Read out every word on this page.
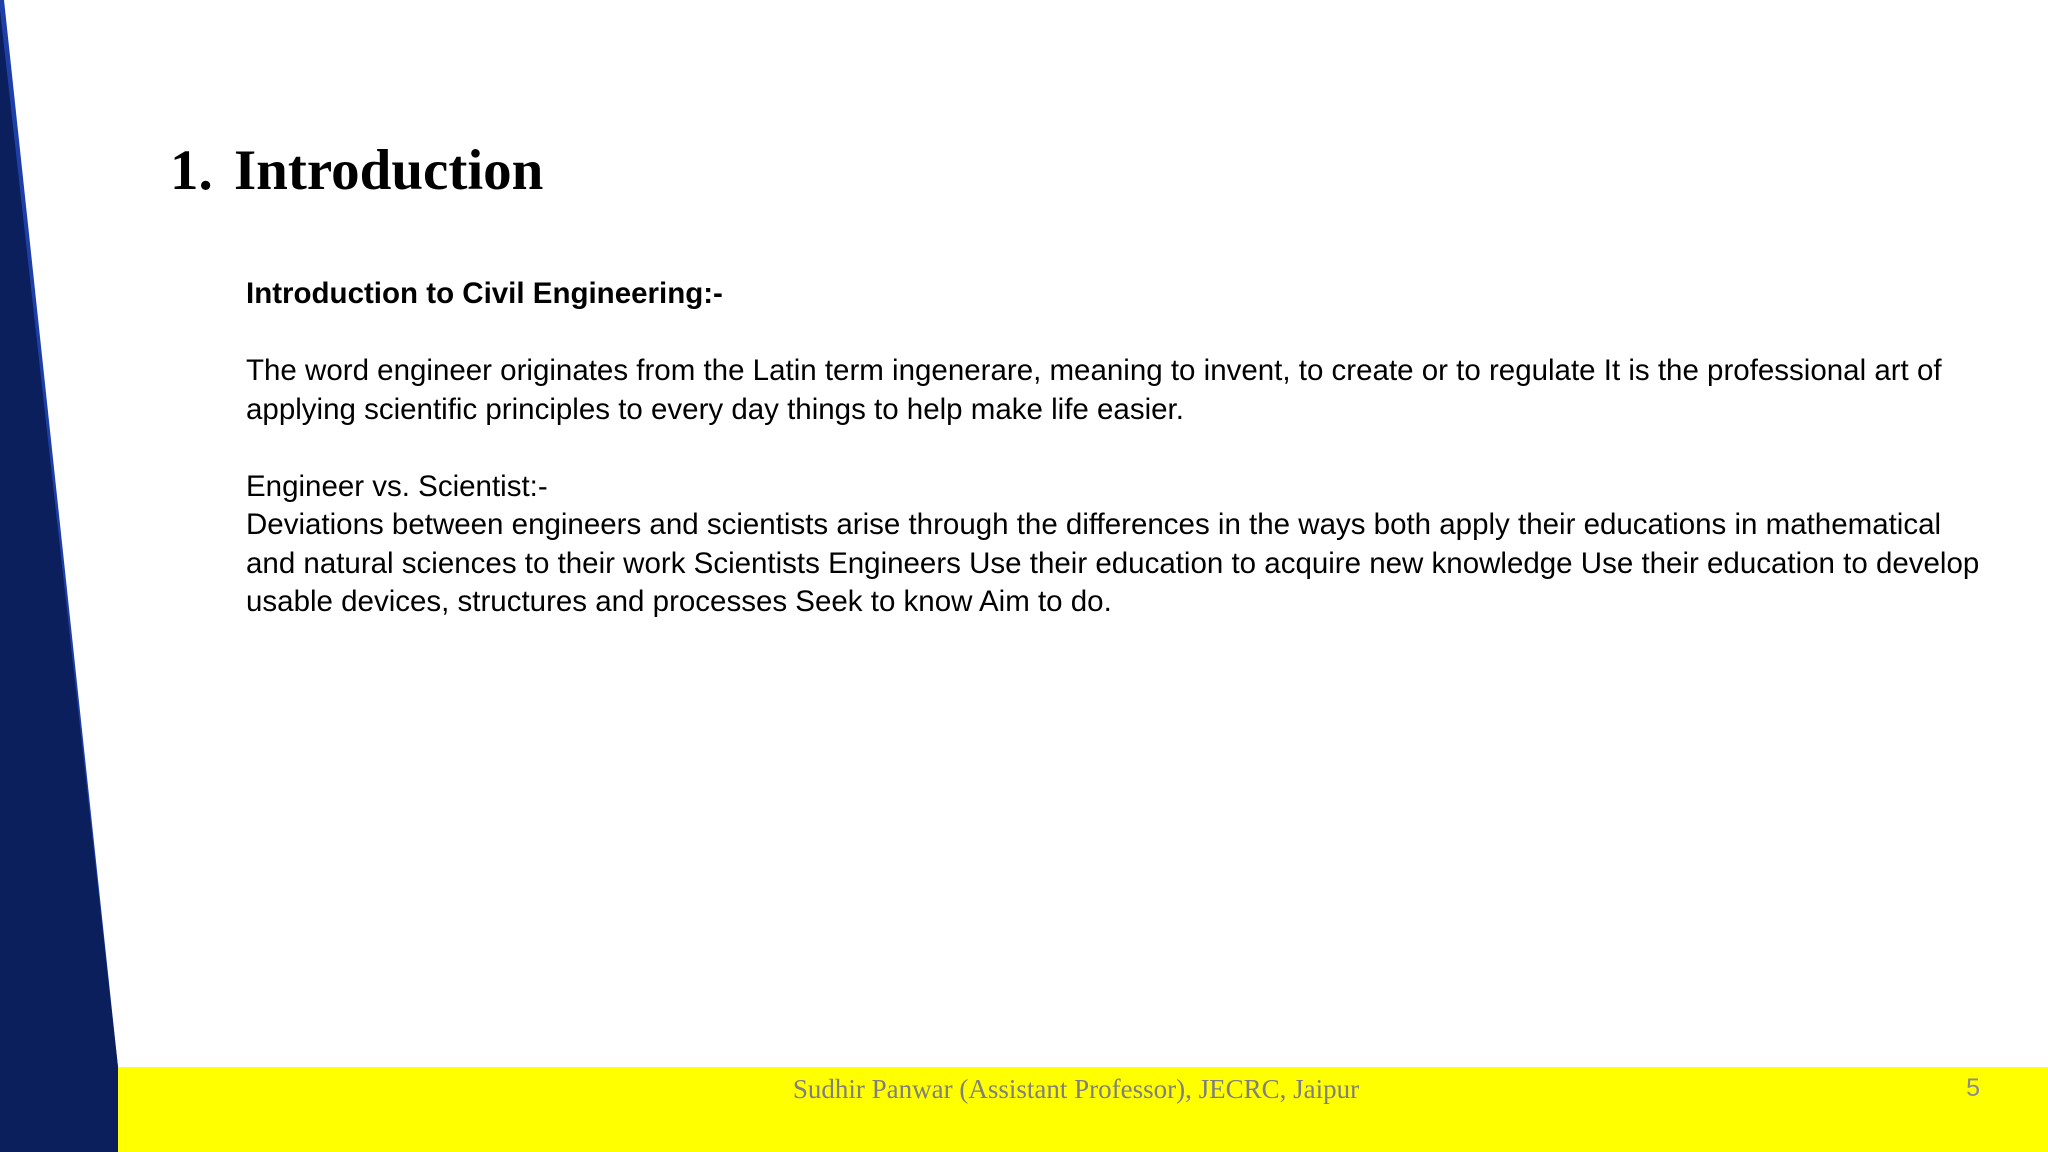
Sudhir Panwar (Assistant Professor), JECRC, Jaipur	5
1. Introduction

Introduction to Civil Engineering:-

The word engineer originates from the Latin term ingenerare, meaning to invent, to create or to regulate It is the professional art of applying scientific principles to every day things to help make life easier.

Engineer vs. Scientist:-

Deviations between engineers and scientists arise through the differences in the ways both apply their educations in mathematical and natural sciences to their work Scientists Engineers Use their education to acquire new knowledge Use their education to develop usable devices, structures and processes Seek to know Aim to do.
